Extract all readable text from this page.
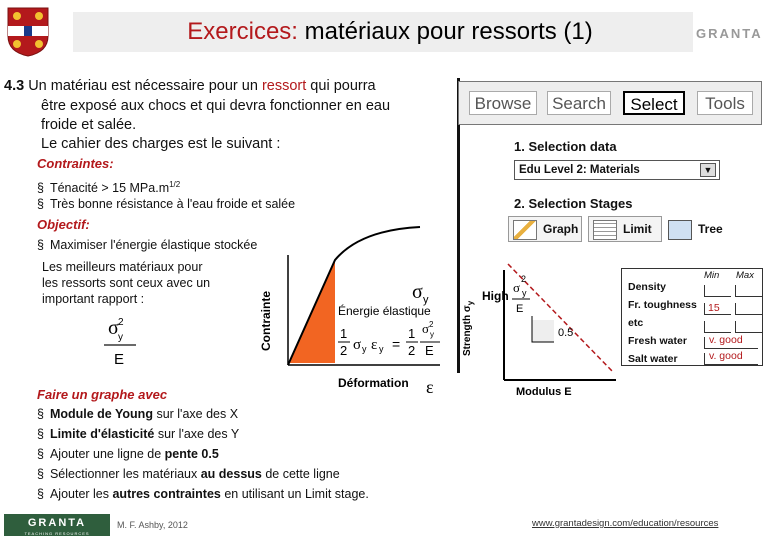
Exercices: matériaux pour ressorts (1)	GRANTA
4.3 Un matériau est nécessaire pour un ressort qui pourra
être exposé aux chocs et qui devra fonctionner en eau
froide et salée.
Le cahier des charges est le suivant :
Contraintes:
§ Ténacité > 15 $MPa.m^{1/2}$
§ Très bonne résistance à l'eau froide et salée
Objectif:
§ Maximiser l'énergie élastique stockée
Les meilleurs matériaux pour
les ressorts sont ceux avec un
important rapport :
σ y
2
E
Contrainte
Déformation ε
Énergie élastique
σ y
1
2 σ y ε y =
1
2
σ 2
y
E
Faire un graphe avec
§ Module de Young sur l'axe des X
§ Limite d'élasticité sur l'axe des Y
§ Ajouter une ligne de pente 0.5
§ Sélectionner les matériaux au dessus de cette ligne
§ Ajouter les autres contraintes en utilisant un Limit stage.
Browse	Search	Select	Tools
1. Selection data
Edu Level 2: Materials	▼
2. Selection Stages
Graph	Limit	Tree
Strength $\sigma_y$
High
σ
2
y
E
0.5
Modulus E
Min Max
Density
Fr. toughness 15
etc
Fresh water v. good
Salt water	v. good
GRANTA
TEACHING RESOURCES
M. F. Ashby, 2012	www.grantadesign.com/education/resources
